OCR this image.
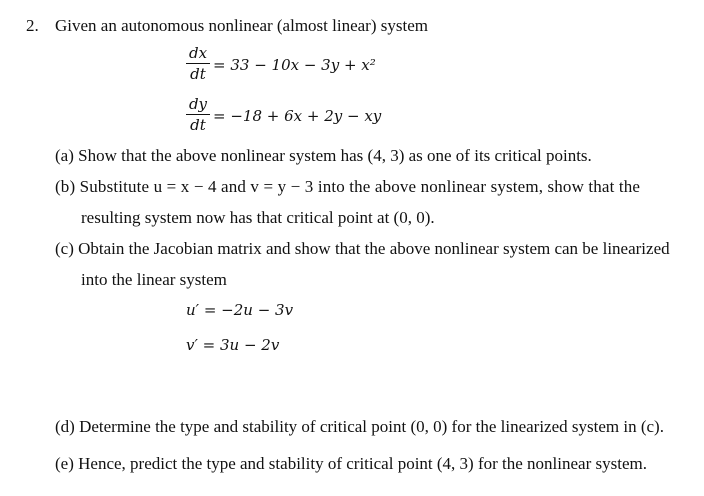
2. Given an autonomous nonlinear (almost linear) system
dx
dt
= 33 − 10x − 3y + x²
dy
dt
= −18 + 6x + 2y − xy
(a) Show that the above nonlinear system has (4, 3) as one of its critical points.
(b) Substitute u = x − 4 and v = y − 3 into the above nonlinear system, show that the
resulting system now has that critical point at (0, 0).
(c) Obtain the Jacobian matrix and show that the above nonlinear system can be linearized
into the linear system
u′ = −2u − 3v
v′ = 3u − 2v
(d) Determine the type and stability of critical point (0, 0) for the linearized system in (c).
(e) Hence, predict the type and stability of critical point (4, 3) for the nonlinear system.
